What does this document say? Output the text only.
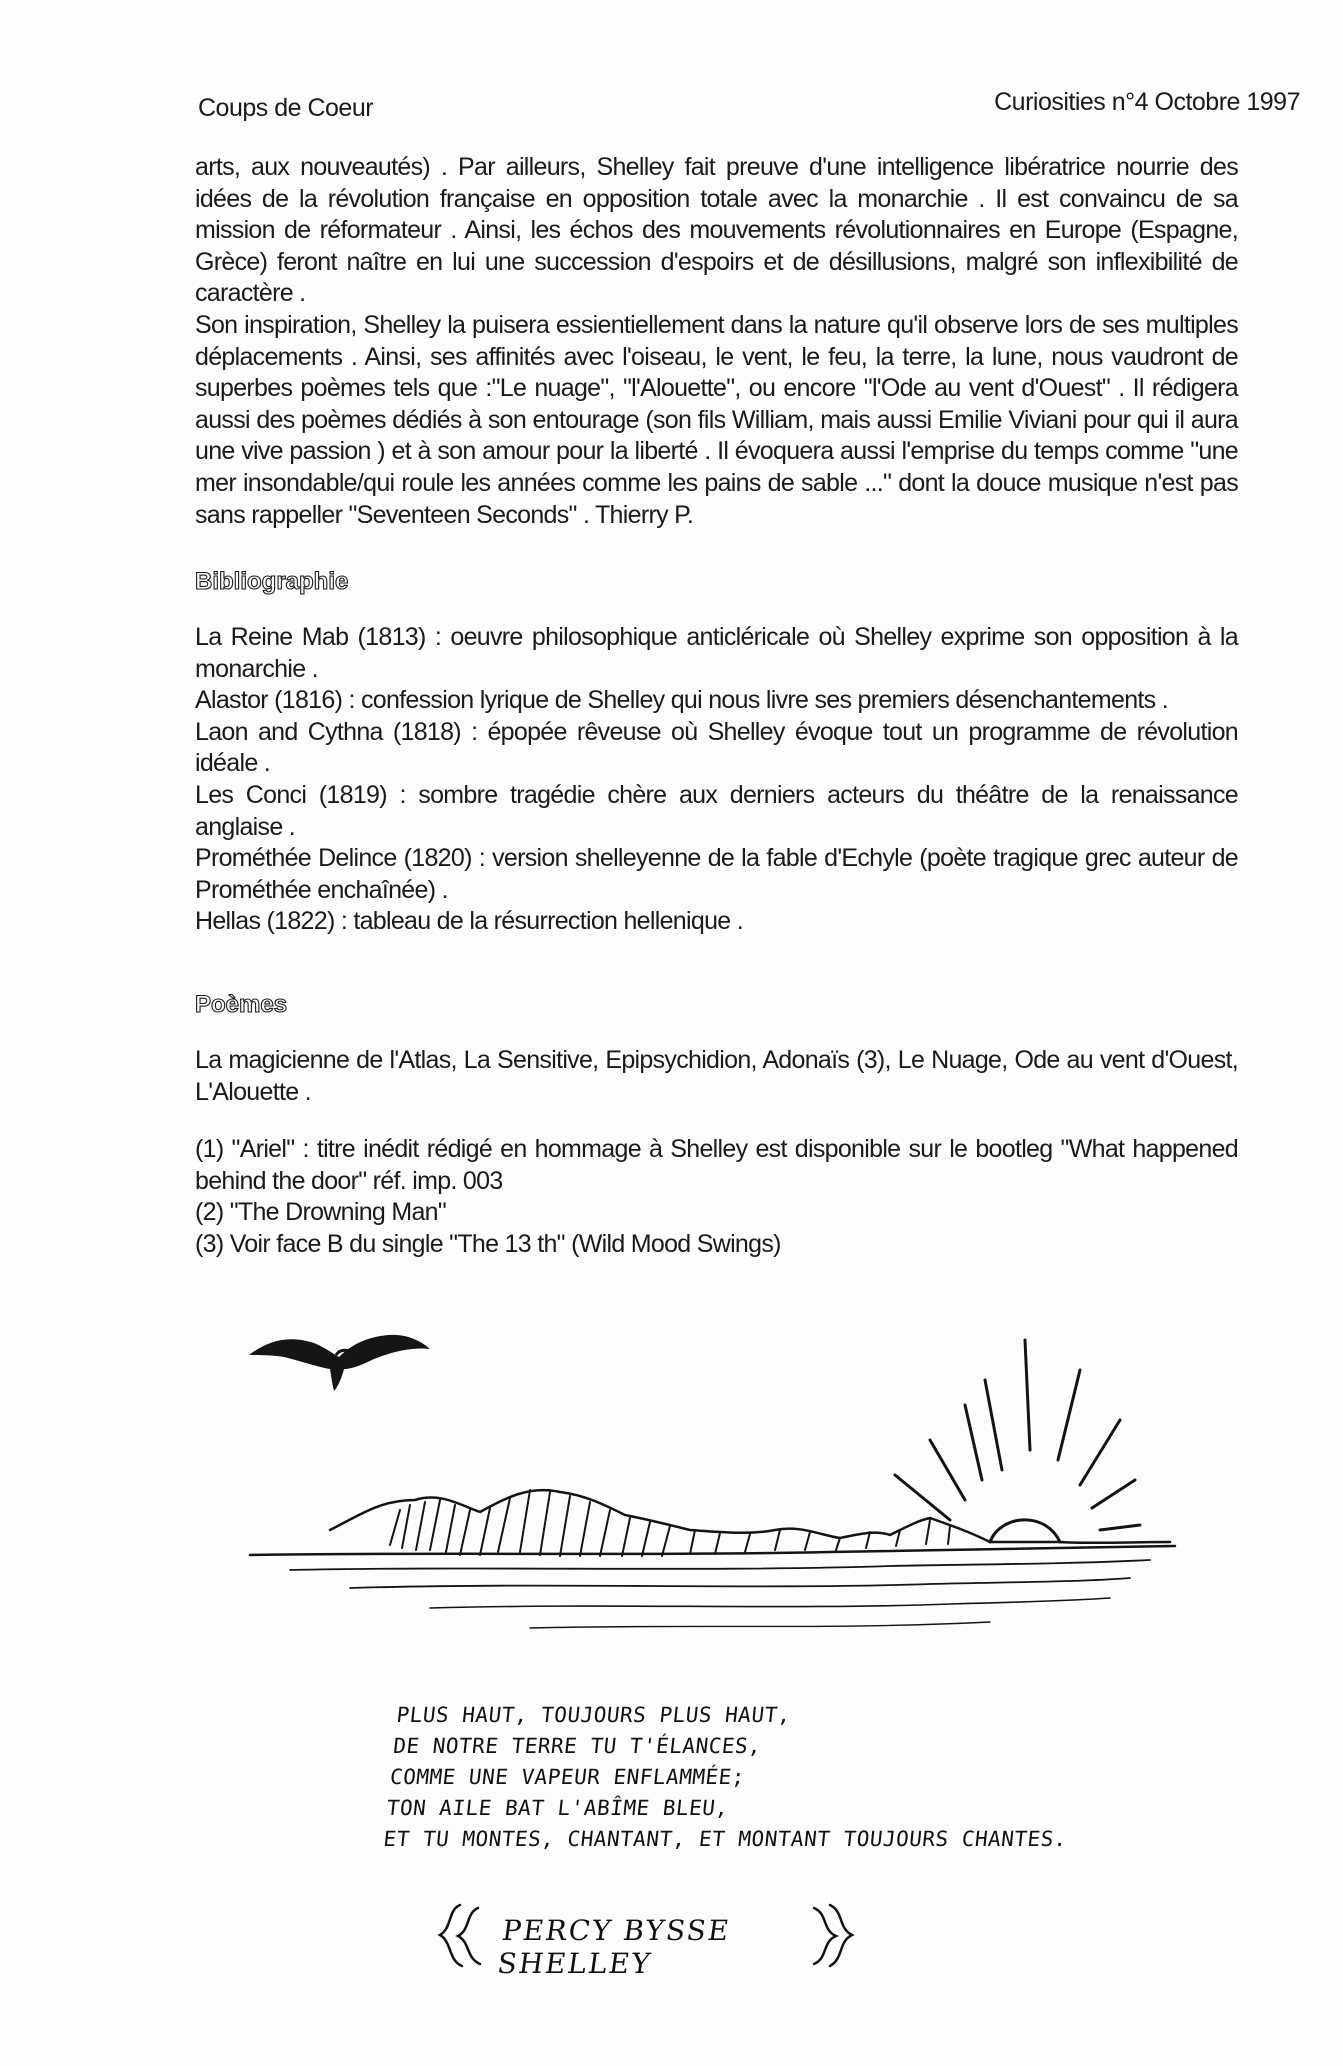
Coups de Coeur	Curiosities n°4 Octobre 1997

arts, aux nouveautés) . Par ailleurs, Shelley fait preuve d'une intelligence libératrice nourrie des idées de la révolution française en opposition totale avec la monarchie . Il est convaincu de sa mission de réformateur . Ainsi, les échos des mouvements révolutionnaires en Europe (Espagne, Grèce) feront naître en lui une succession d'espoirs et de désillusions, malgré son inflexibilité de caractère .

Son inspiration, Shelley la puisera essientiellement dans la nature qu'il observe lors de ses multiples déplacements . Ainsi, ses affinités avec l'oiseau, le vent, le feu, la terre, la lune, nous vaudront de superbes poèmes tels que :"Le nuage", "l'Alouette", ou encore "l'Ode au vent d'Ouest" . Il rédigera aussi des poèmes dédiés à son entourage (son fils William, mais aussi Emilie Viviani pour qui il aura une vive passion ) et à son amour pour la liberté . Il évoquera aussi l'emprise du temps comme "une mer insondable/qui roule les années comme les pains de sable ..." dont la douce musique n'est pas sans rappeller "Seventeen Seconds" . Thierry P.

Bibliographie
La Reine Mab (1813) : oeuvre philosophique anticléricale où Shelley exprime son opposition à la monarchie .
Alastor (1816) : confession lyrique de Shelley qui nous livre ses premiers désenchantements .
Laon and Cythna (1818) : épopée rêveuse où Shelley évoque tout un programme de révolution idéale .
Les Conci (1819) : sombre tragédie chère aux derniers acteurs du théâtre de la renaissance anglaise .
Prométhée Delince (1820) : version shelleyenne de la fable d'Echyle (poète tragique grec auteur de Prométhée enchaînée) .
Hellas (1822) : tableau de la résurrection hellenique .
Poèmes

La magicienne de l'Atlas, La Sensitive, Epipsychidion, Adonaïs (3), Le Nuage, Ode au vent d'Ouest, L'Alouette .

(1) "Ariel" : titre inédit rédigé en hommage à Shelley est disponible sur le bootleg "What happened behind the door" réf. imp. 003
(2) "The Drowning Man"
(3) Voir face B du single "The 13 th" (Wild Mood Swings)
PLUS HAUT, TOUJOURS PLUS HAUT,
DE NOTRE TERRE TU T'ÉLANCES,
COMME UNE VAPEUR ENFLAMMÉE;
TON AILE BAT L'ABÎME BLEU,
ET TU MONTES, CHANTANT, ET MONTANT TOUJOURS CHANTES.
PERCY BYSSE SHELLEY
